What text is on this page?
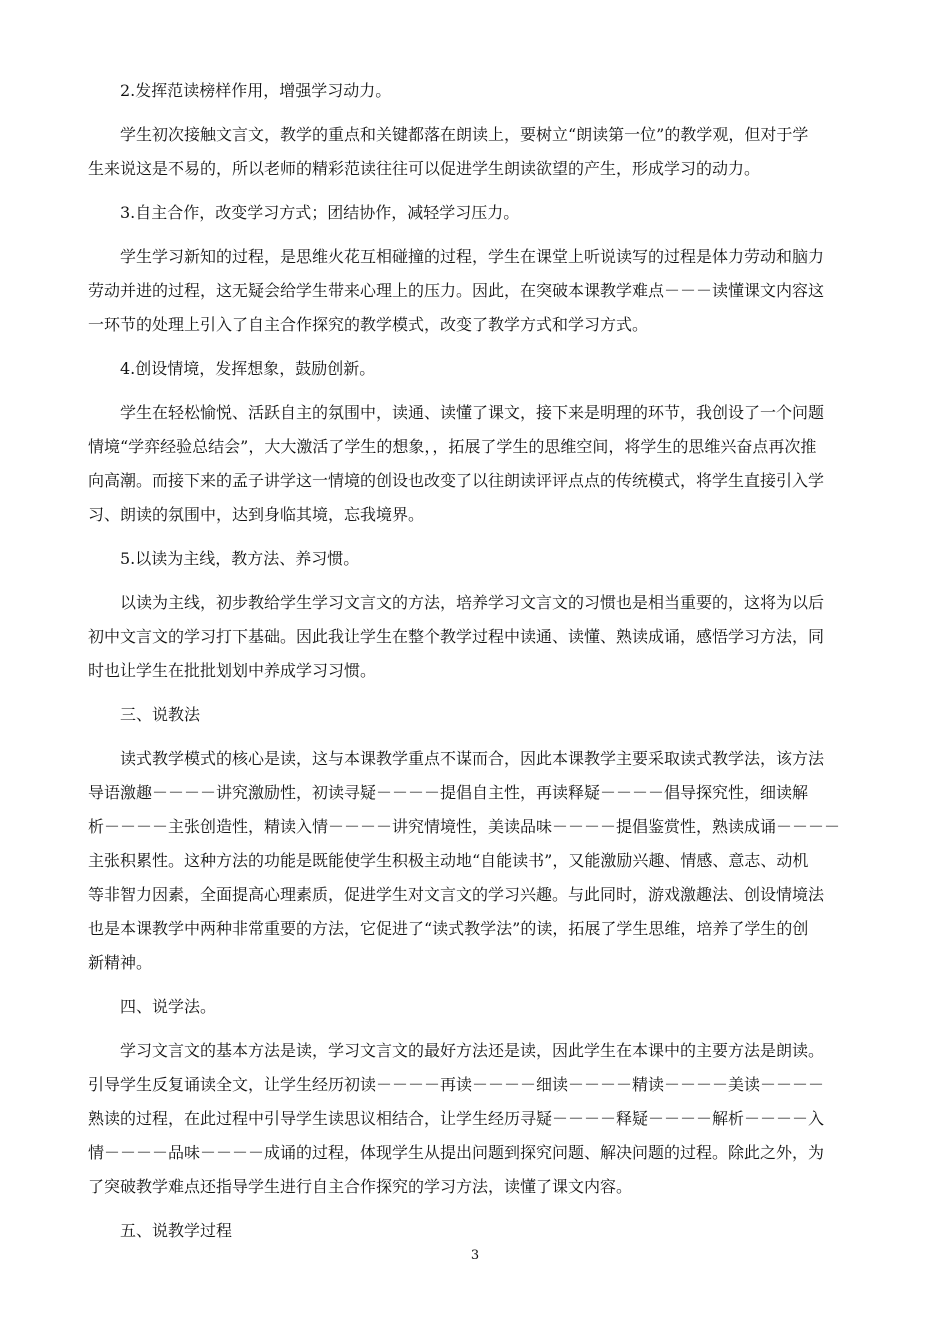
2.发挥范读榜样作用，增强学习动力。
学生初次接触文言文，教学的重点和关键都落在朗读上，要树立“朗读第一位”的教学观，但对于学
生来说这是不易的，所以老师的精彩范读往往可以促进学生朗读欲望的产生，形成学习的动力。
3.自主合作，改变学习方式；团结协作，减轻学习压力。
学生学习新知的过程，是思维火花互相碰撞的过程，学生在课堂上听说读写的过程是体力劳动和脑力
劳动并进的过程，这无疑会给学生带来心理上的压力。因此，在突破本课教学难点－－－读懂课文内容这
一环节的处理上引入了自主合作探究的教学模式，改变了教学方式和学习方式。
4.创设情境，发挥想象，鼓励创新。
学生在轻松愉悦、活跃自主的氛围中，读通、读懂了课文，接下来是明理的环节，我创设了一个问题
情境“学弈经验总结会”，大大激活了学生的想象，，拓展了学生的思维空间，将学生的思维兴奋点再次推
向高潮。而接下来的孟子讲学这一情境的创设也改变了以往朗读评评点点的传统模式，将学生直接引入学
习、朗读的氛围中，达到身临其境，忘我境界。
5.以读为主线，教方法、养习惯。
以读为主线，初步教给学生学习文言文的方法，培养学习文言文的习惯也是相当重要的，这将为以后
初中文言文的学习打下基础。因此我让学生在整个教学过程中读通、读懂、熟读成诵，感悟学习方法，同
时也让学生在批批划划中养成学习习惯。
三、说教法
读式教学模式的核心是读，这与本课教学重点不谋而合，因此本课教学主要采取读式教学法，该方法
导语激趣－－－－讲究激励性，初读寻疑－－－－提倡自主性，再读释疑－－－－倡导探究性，细读解
析－－－－主张创造性，精读入情－－－－讲究情境性，美读品味－－－－提倡鉴赏性，熟读成诵－－－－
主张积累性。这种方法的功能是既能使学生积极主动地“自能读书”，又能激励兴趣、情感、意志、动机
等非智力因素，全面提高心理素质，促进学生对文言文的学习兴趣。与此同时，游戏激趣法、创设情境法
也是本课教学中两种非常重要的方法，它促进了“读式教学法”的读，拓展了学生思维，培养了学生的创
新精神。
四、说学法。
学习文言文的基本方法是读，学习文言文的最好方法还是读，因此学生在本课中的主要方法是朗读。
引导学生反复诵读全文，让学生经历初读－－－－再读－－－－细读－－－－精读－－－－美读－－－－
熟读的过程，在此过程中引导学生读思议相结合，让学生经历寻疑－－－－释疑－－－－解析－－－－入
情－－－－品味－－－－成诵的过程，体现学生从提出问题到探究问题、解决问题的过程。除此之外，为
了突破教学难点还指导学生进行自主合作探究的学习方法，读懂了课文内容。
五、说教学过程
3
